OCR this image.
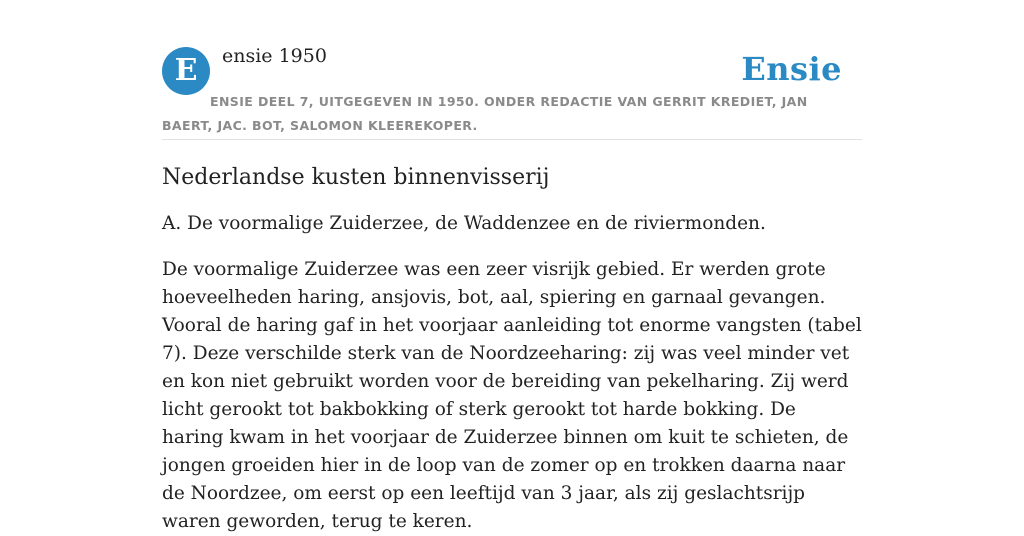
E	ensie 1950	Ensie
ENSIE DEEL 7, UITGEGEVEN IN 1950. ONDER REDACTIE VAN GERRIT KREDIET, JAN BAERT, JAC. BOT, SALOMON KLEEREKOPER.
Nederlandse kusten binnenvisserij

A. De voormalige Zuiderzee, de Waddenzee en de riviermonden.

De voormalige Zuiderzee was een zeer visrijk gebied. Er werden grote hoeveelheden haring, ansjovis, bot, aal, spiering en garnaal gevangen. Vooral de haring gaf in het voorjaar aanleiding tot enorme vangsten (tabel 7). Deze verschilde sterk van de Noordzeeharing: zij was veel minder vet en kon niet gebruikt worden voor de bereiding van pekelharing. Zij werd licht gerookt tot bakbokking of sterk gerookt tot harde bokking. De haring kwam in het voorjaar de Zuiderzee binnen om kuit te schieten, de jongen groeiden hier in de loop van de zomer op en trokken daarna naar de Noordzee, om eerst op een leeftijd van 3 jaar, als zij geslachtsrijp waren geworden, terug te keren.
